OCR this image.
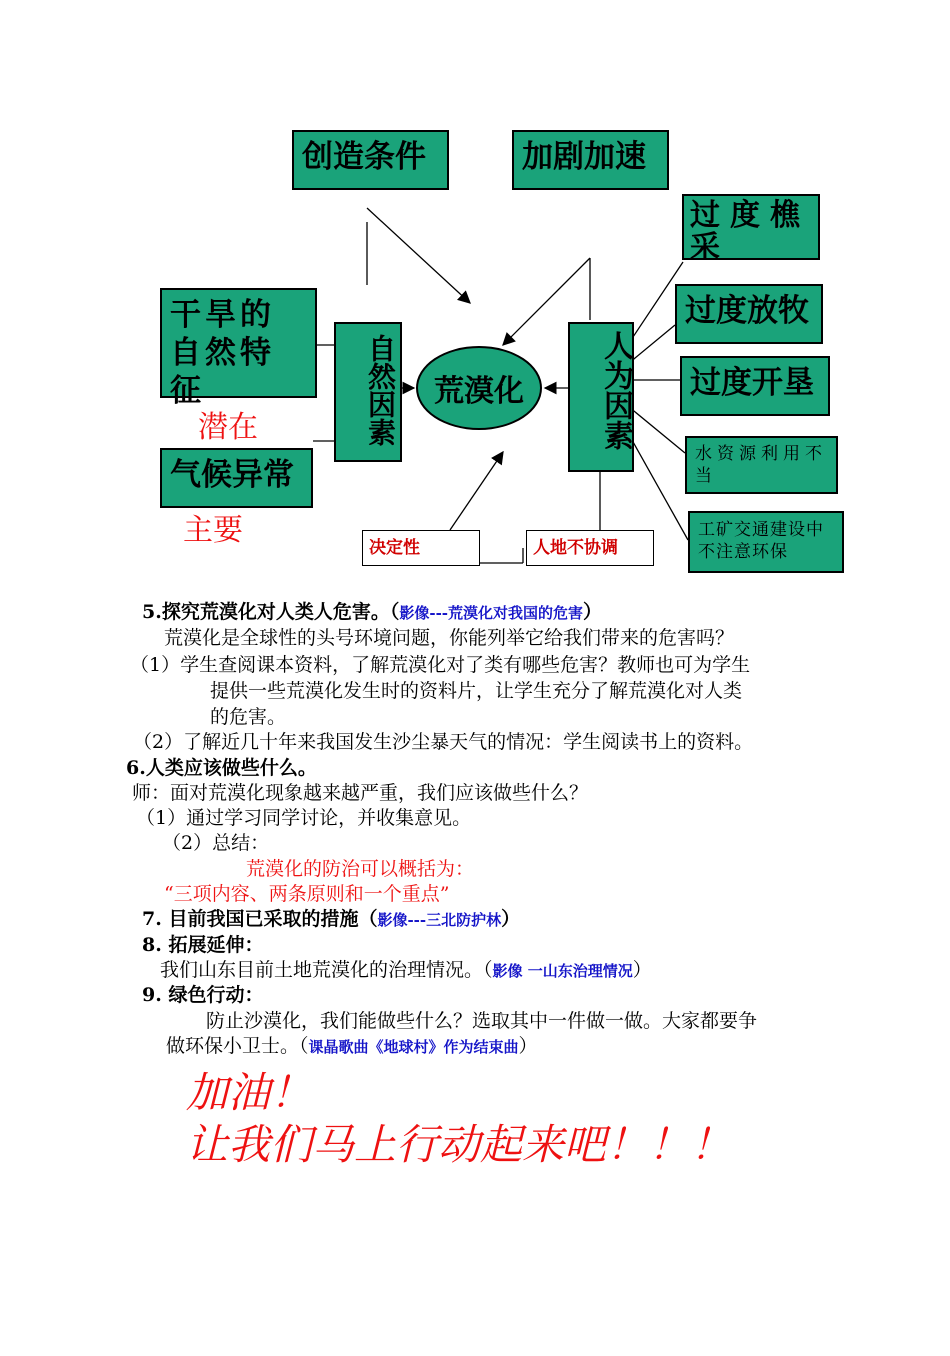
创造条件	加剧加速
干旱的自然特征
气候异常
自然因素	荒漠化	人为因素
潜在
主要
过度樵采
过度放牧
过度开垦
水资源利用不当
工矿交通建设中不注意环保
决定性	人地不协调
5.探究荒漠化对人类人危害。（影像---荒漠化对我国的危害）
荒漠化是全球性的头号环境问题，你能列举它给我们带来的危害吗？
（1）学生查阅课本资料，了解荒漠化对了类有哪些危害？教师也可为学生
提供一些荒漠化发生时的资料片，让学生充分了解荒漠化对人类
的危害。
（2）了解近几十年来我国发生沙尘暴天气的情况：学生阅读书上的资料。
6.人类应该做些什么。
师：面对荒漠化现象越来越严重，我们应该做些什么？
（1）通过学习同学讨论，并收集意见。
（2）总结：
荒漠化的防治可以概括为：
“三项内容、两条原则和一个重点”
7. 目前我国已采取的措施（影像---三北防护林）
8. 拓展延伸：
我们山东目前土地荒漠化的治理情况。（影像 一山东治理情况）
9. 绿色行动：
防止沙漠化，我们能做些什么？选取其中一件做一做。大家都要争
做环保小卫士。（课晶歌曲《地球村》作为结束曲）
加油！
让我们马上行动起来吧！！！
